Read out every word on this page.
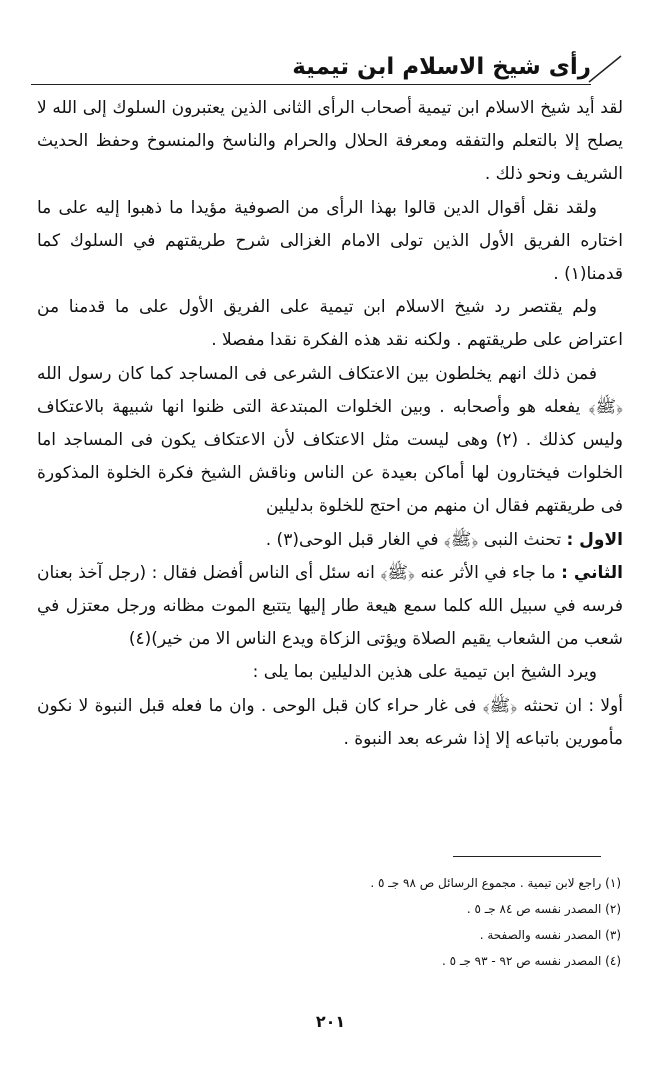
رأى شيخ الاسلام ابن تيمية

لقد أيد شيخ الاسلام ابن تيمية أصحاب الرأى الثانى الذين يعتبرون السلوك إلى الله لا يصلح إلا بالتعلم والتفقه ومعرفة الحلال والحرام والناسخ والمنسوخ وحفظ الحديث الشريف ونحو ذلك .

ولقد نقل أقوال الدين قالوا بهذا الرأى من الصوفية مؤيدا ما ذهبوا إليه على ما اختاره الفريق الأول الذين تولى الامام الغزالى شرح طريقتهم في السلوك كما قدمنا(١) .

ولم يقتصر رد شيخ الاسلام ابن تيمية على الفريق الأول على ما قدمنا من اعتراض على طريقتهم . ولكنه نقد هذه الفكرة نقدا مفصلا .

فمن ذلك انهم يخلطون بين الاعتكاف الشرعى فى المساجد كما كان رسول الله ﴿ﷺ﴾ يفعله هو وأصحابه . وبين الخلوات المبتدعة التى ظنوا انها شبيهة بالاعتكاف وليس كذلك . (٢) وهى ليست مثل الاعتكاف لأن الاعتكاف يكون فى المساجد اما الخلوات فيختارون لها أماكن بعيدة عن الناس وناقش الشيخ فكرة الخلوة المذكورة فى طريقتهم فقال ان منهم من احتج للخلوة بدليلين

الاول : تحنث النبى ﴿ﷺ﴾ في الغار قبل الوحى(٣) .

الثاني : ما جاء في الأثر عنه ﴿ﷺ﴾ انه سئل أى الناس أفضل فقال : (رجل آخذ بعنان فرسه في سبيل الله كلما سمع هيعة طار إليها يتتبع الموت مظانه ورجل معتزل في شعب من الشعاب يقيم الصلاة ويؤتى الزكاة ويدع الناس الا من خير)(٤)

ويرد الشيخ ابن تيمية على هذين الدليلين بما يلى :

أولا : ان تحنثه ﴿ﷺ﴾ فى غار حراء كان قبل الوحى . وان ما فعله قبل النبوة لا نكون مأمورين باتباعه إلا إذا شرعه بعد النبوة .

(١) راجع لابن تيمية . مجموع الرسائل ص ٩٨ جـ ٥ .

(٢) المصدر نفسه ص ٨٤ جـ ٥ .

(٣) المصدر نفسه والصفحة .

(٤) المصدر نفسه ص ٩٢ - ٩٣ جـ ٥ .

٢٠١
